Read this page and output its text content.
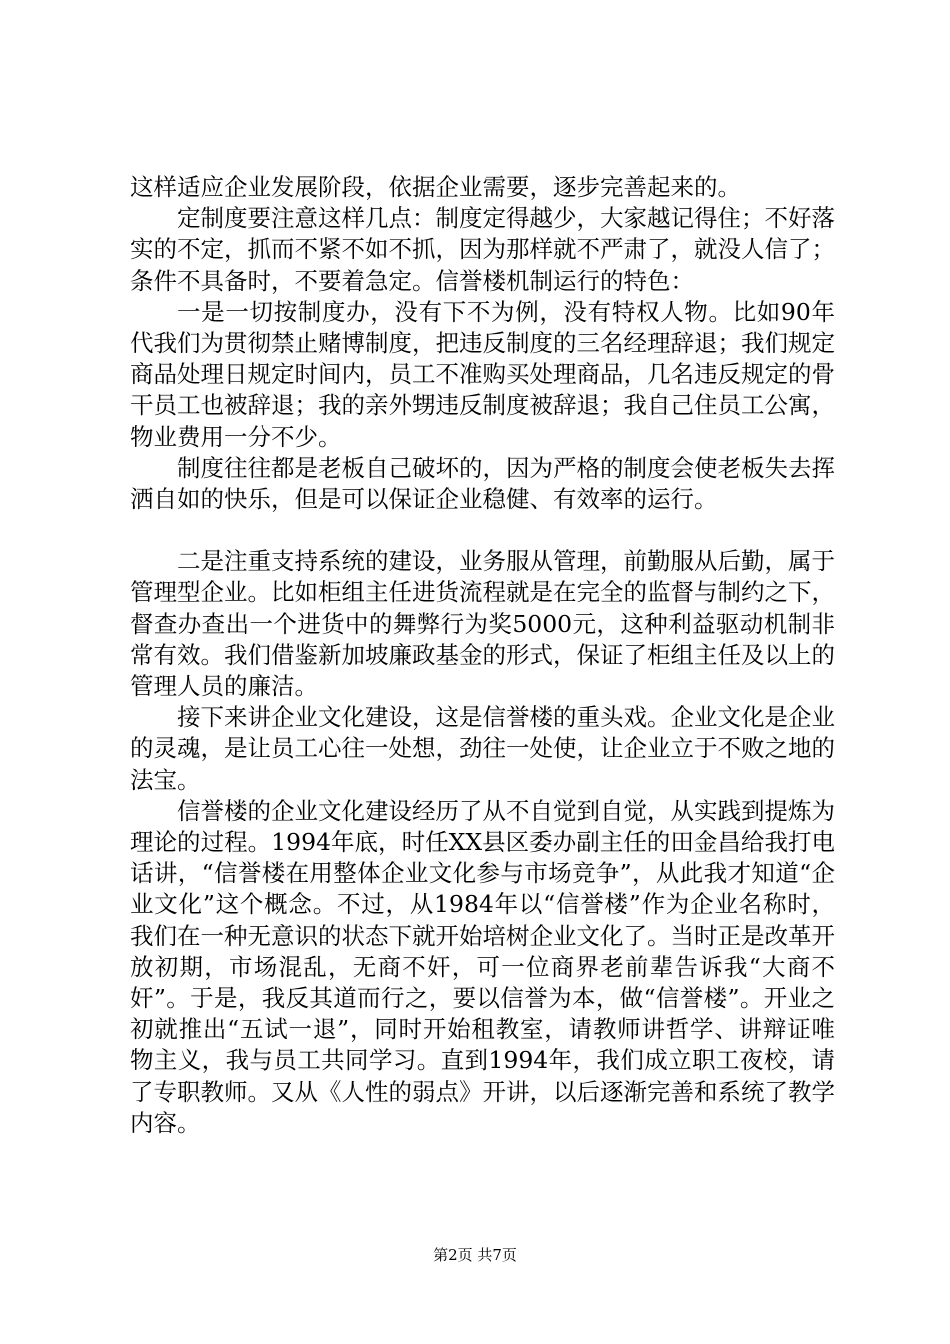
这样适应企业发展阶段，依据企业需要，逐步完善起来的。

定制度要注意这样几点：制度定得越少，大家越记得住；不好落实的不定，抓而不紧不如不抓，因为那样就不严肃了，就没人信了；条件不具备时，不要着急定。信誉楼机制运行的特色：

一是一切按制度办，没有下不为例，没有特权人物。比如90年代我们为贯彻禁止赌博制度，把违反制度的三名经理辞退；我们规定商品处理日规定时间内，员工不准购买处理商品，几名违反规定的骨干员工也被辞退；我的亲外甥违反制度被辞退；我自己住员工公寓，物业费用一分不少。

制度往往都是老板自己破坏的，因为严格的制度会使老板失去挥洒自如的快乐，但是可以保证企业稳健、有效率的运行。

二是注重支持系统的建设，业务服从管理，前勤服从后勤，属于管理型企业。比如柜组主任进货流程就是在完全的监督与制约之下，督查办查出一个进货中的舞弊行为奖5000元，这种利益驱动机制非常有效。我们借鉴新加坡廉政基金的形式，保证了柜组主任及以上的管理人员的廉洁。

接下来讲企业文化建设，这是信誉楼的重头戏。企业文化是企业的灵魂，是让员工心往一处想，劲往一处使，让企业立于不败之地的法宝。

信誉楼的企业文化建设经历了从不自觉到自觉，从实践到提炼为理论的过程。1994年底，时任XX县区委办副主任的田金昌给我打电话讲，“信誉楼在用整体企业文化参与市场竞争”，从此我才知道“企业文化”这个概念。不过，从1984年以“信誉楼”作为企业名称时，我们在一种无意识的状态下就开始培树企业文化了。当时正是改革开放初期，市场混乱，无商不奸，可一位商界老前辈告诉我“大商不奸”。于是，我反其道而行之，要以信誉为本，做“信誉楼”。开业之初就推出“五试一退”，同时开始租教室，请教师讲哲学、讲辩证唯物主义，我与员工共同学习。直到1994年，我们成立职工夜校，请了专职教师。又从《人性的弱点》开讲，以后逐渐完善和系统了教学内容。

第2页 共7页
